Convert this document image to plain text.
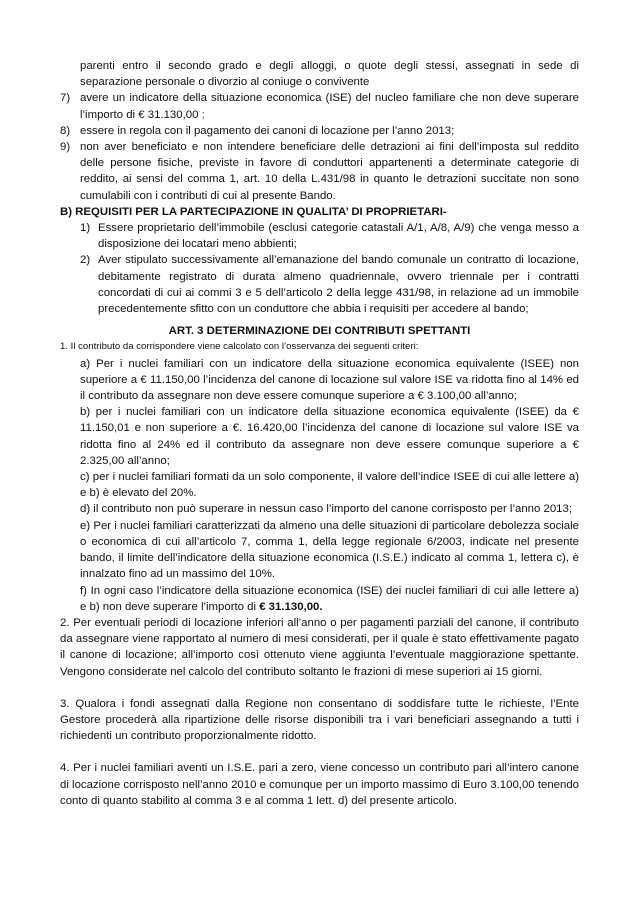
parenti entro il secondo grado e degli alloggi, o quote degli stessi, assegnati in sede di separazione personale o divorzio al coniuge o convivente

7) avere un indicatore della situazione economica (ISE) del nucleo familiare che non deve superare l’importo di € 31.130,00 ;
8) essere in regola con il pagamento dei canoni di locazione per l’anno 2013;
9) non aver beneficiato e non intendere beneficiare delle detrazioni ai fini dell’imposta sul reddito delle persone fisiche, previste in favore di conduttori appartenenti a determinate categorie di reddito, ai sensi del comma 1, art. 10 della L.431/98 in quanto le detrazioni succitate non sono cumulabili con i contributi di cui al presente Bando.

B) REQUISITI PER LA PARTECIPAZIONE IN QUALITA’ DI PROPRIETARI-

1) Essere proprietario dell’immobile (esclusi categorie catastali A/1, A/8, A/9) che venga messo a disposizione dei locatari meno abbienti;
2) Aver stipulato successivamente all’emanazione del bando comunale un contratto di locazione, debitamente registrato di durata almeno quadriennale, ovvero triennale per i contratti concordati di cui ai commi 3 e 5 dell’articolo 2 della legge 431/98, in relazione ad un immobile precedentemente sfitto con un conduttore che abbia i requisiti per accedere al bando;

ART. 3 DETERMINAZIONE DEI CONTRIBUTI SPETTANTI

1. Il contributo da corrispondere viene calcolato con l’osservanza dei seguenti criteri:

a) Per i nuclei familiari con un indicatore della situazione economica equivalente (ISEE) non superiore a € 11.150,00 l’incidenza del canone di locazione sul valore ISE va ridotta fino al 14% ed il contributo da assegnare non deve essere comunque superiore a € 3.100,00 all’anno;

b) per i nuclei familiari con un indicatore della situazione economica equivalente (ISEE) da € 11.150,01 e non superiore a €. 16.420,00 l’incidenza del canone di locazione sul valore ISE va ridotta fino al 24% ed il contributo da assegnare non deve essere comunque superiore a € 2.325,00 all’anno;

c) per i nuclei familiari formati da un solo componente, il valore dell’indice ISEE di cui alle lettere a) e b) è elevato del 20%.

d) il contributo non può superare in nessun caso l’importo del canone corrisposto per l’anno 2013;

e) Per i nuclei familiari caratterizzati da almeno una delle situazioni di particolare debolezza sociale o economica di cui all’articolo 7, comma 1, della legge regionale 6/2003, indicate nel presente bando, il limite dell’indicatore della situazione economica (I.S.E.) indicato al comma 1, lettera c), è innalzato fino ad un massimo del 10%.

f) In ogni caso l’indicatore della situazione economica (ISE) dei nuclei familiari di cui alle lettere a) e b) non deve superare l’importo di € 31.130,00.

2. Per eventuali periodi di locazione inferiori all’anno o per pagamenti parziali del canone, il contributo da assegnare viene rapportato al numero di mesi considerati, per il quale è stato effettivamente pagato il canone di locazione; all’importo così ottenuto viene aggiunta l’eventuale maggiorazione spettante. Vengono considerate nel calcolo del contributo soltanto le frazioni di mese superiori ai 15 giorni.

3. Qualora i fondi assegnati dalla Regione non consentano di soddisfare tutte le richieste, l’Ente Gestore procederà alla ripartizione delle risorse disponibili tra i vari beneficiari assegnando a tutti i richiedenti un contributo proporzionalmente ridotto.

4. Per i nuclei familiari aventi un I.S.E. pari a zero, viene concesso un contributo pari all’intero canone di locazione corrisposto nell’anno 2010 e comunque per un importo massimo di Euro 3.100,00 tenendo conto di quanto stabilito al comma 3 e al comma 1 lett. d) del presente articolo.
